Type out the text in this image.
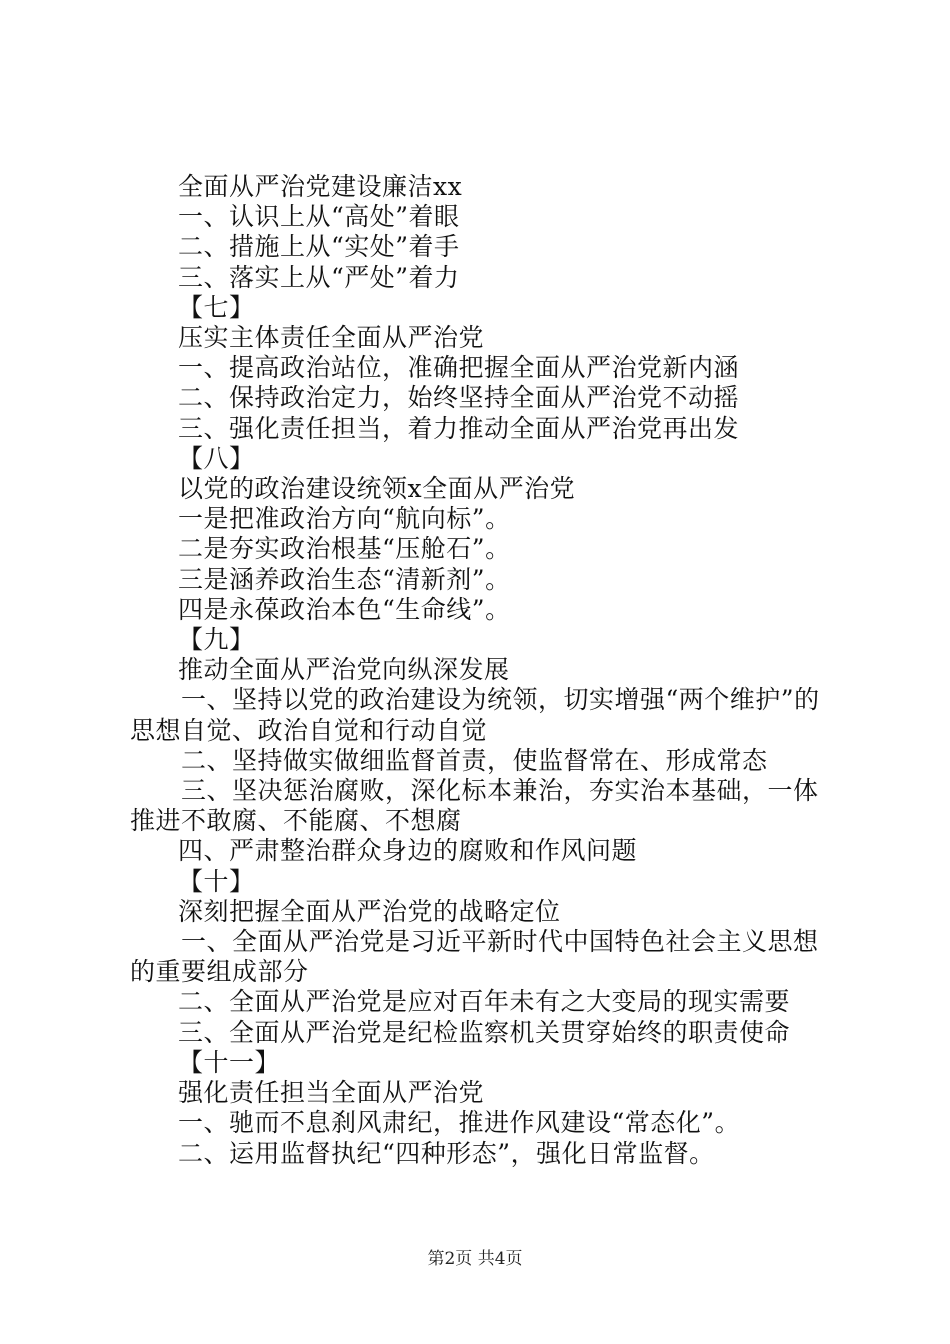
全面从严治党建设廉洁xx
一、认识上从“高处”着眼
二、措施上从“实处”着手
三、落实上从“严处”着力
【七】
压实主体责任全面从严治党
一、提高政治站位，准确把握全面从严治党新内涵
二、保持政治定力，始终坚持全面从严治党不动摇
三、强化责任担当，着力推动全面从严治党再出发
【八】
以党的政治建设统领x全面从严治党
一是把准政治方向“航向标”。
二是夯实政治根基“压舱石”。
三是涵养政治生态“清新剂”。
四是永葆政治本色“生命线”。
【九】
推动全面从严治党向纵深发展
一、坚持以党的政治建设为统领，切实增强“两个维护”的思想自觉、政治自觉和行动自觉
二、坚持做实做细监督首责，使监督常在、形成常态
三、坚决惩治腐败，深化标本兼治，夯实治本基础，一体推进不敢腐、不能腐、不想腐
四、严肃整治群众身边的腐败和作风问题
【十】
深刻把握全面从严治党的战略定位
一、全面从严治党是习近平新时代中国特色社会主义思想的重要组成部分
二、全面从严治党是应对百年未有之大变局的现实需要
三、全面从严治党是纪检监察机关贯穿始终的职责使命
【十一】
强化责任担当全面从严治党
一、驰而不息刹风肃纪，推进作风建设“常态化”。
二、运用监督执纪“四种形态”，强化日常监督。
第2页 共4页
